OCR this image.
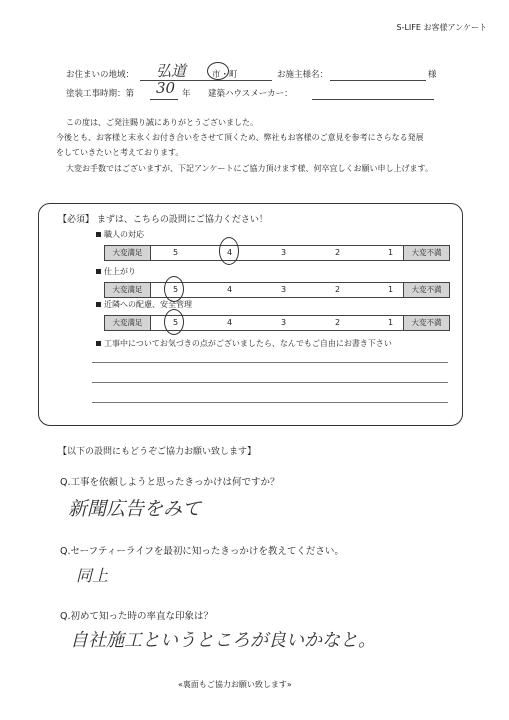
S-LIFE お客様アンケート
お住まいの地域： 弘道	市・町	お施主様名：	様
塗装工事時期：第 30 年 建築ハウスメーカー：
この度は、ご発注賜り誠にありがとうございました。
今後とも、お客様と末永くお付き合いをさせて頂くため、弊社もお客様のご意見を参考にさらなる発展
をしていきたいと考えております。
大変お手数ではございますが、下記アンケートにご協力頂けます様、何卒宜しくお願い申し上げます。
【必須】 まずは、こちらの設問にご協力ください！
職人の対応
大変満足	5	4	3	2	1	大変不満
仕上がり
大変満足	5	4	3	2	1	大変不満
近隣への配慮、安全管理
大変満足	5	4	3	2	1	大変不満
工事中についてお気づきの点がございましたら、なんでもご自由にお書き下さい
【以下の設問にもどうぞご協力お願い致します】
Q.工事を依頼しようと思ったきっかけは何ですか？
新聞広告をみて
Q.セーフティーライフを最初に知ったきっかけを教えてください。
同上
Q.初めて知った時の率直な印象は？
自社施工というところが良いかなと。
«裏面もご協力お願い致します»
